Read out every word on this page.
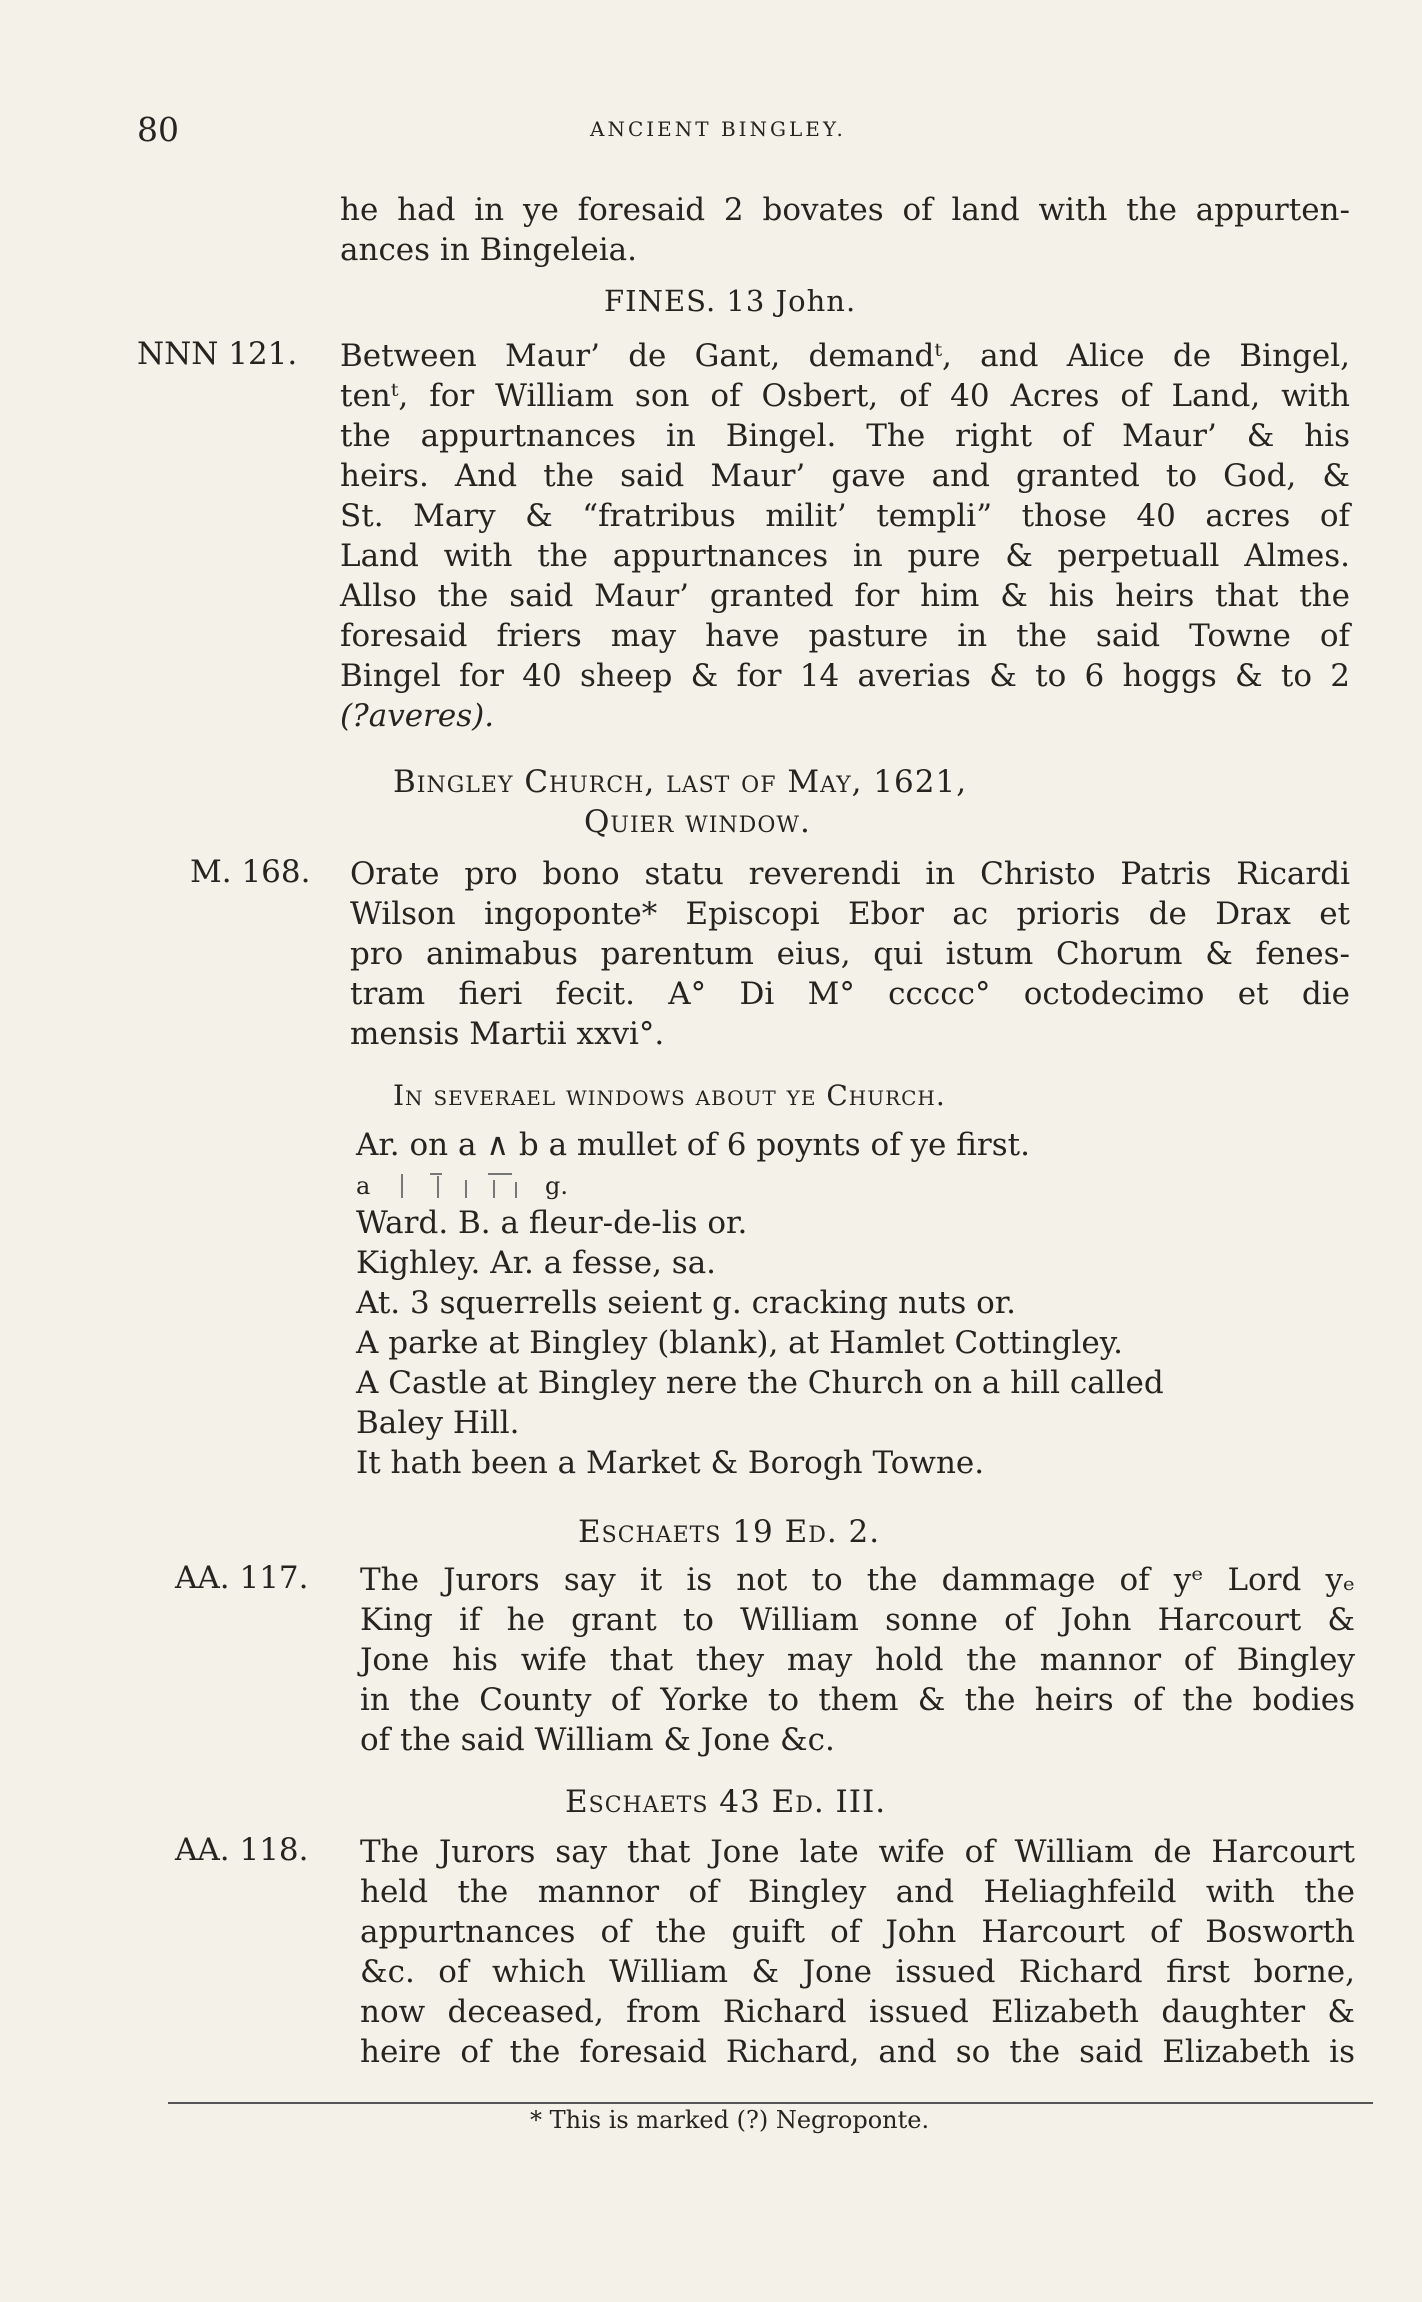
80	ANCIENT BINGLEY.
he had in ye foresaid 2 bovates of land with the appurten-
ances in Bingeleia.
FINES. 13 John.
NNN 121. Between Maur’ de Gant, demandᵗ, and Alice de Bingel,
tenᵗ, for William son of Osbert, of 40 Acres of Land, with
the appurtnances in Bingel. The right of Maur’ & his
heirs. And the said Maur’ gave and granted to God, &
St. Mary & “fratribus milit’ templi” those 40 acres of
Land with the appurtnances in pure & perpetuall Almes.
Allso the said Maur’ granted for him & his heirs that the
foresaid friers may have pasture in the said Towne of
Bingel for 40 sheep & for 14 averias & to 6 hoggs & to 2
(?averes).
Bingley Church, last of May, 1621,
Quier window.
M. 168. Orate pro bono statu reverendi in Christo Patris Ricardi
Wilson ingoponte* Episcopi Ebor ac prioris de Drax et
pro animabus parentum eius, qui istum Chorum & fenes-
tram fieri fecit. A° Di M° ccccc° octodecimo et die
mensis Martii xxvi°.
In severael windows about ye Church.
Ar. on a ∧ b a mullet of 6 poynts of ye first.
a	g.
Ward. B. a fleur-de-lis or.
Kighley. Ar. a fesse, sa.
At. 3 squerrells seient g. cracking nuts or.
A parke at Bingley (blank), at Hamlet Cottingley.
A Castle at Bingley nere the Church on a hill called
Baley Hill.
It hath been a Market & Borogh Towne.
Eschaets 19 Ed. 2.
AA. 117. The Jurors say it is not to the dammage of yᵉ Lord yₑ
King if he grant to William sonne of John Harcourt &
Jone his wife that they may hold the mannor of Bingley
in the County of Yorke to them & the heirs of the bodies
of the said William & Jone &c.
Eschaets 43 Ed. III.
AA. 118. The Jurors say that Jone late wife of William de Harcourt
held the mannor of Bingley and Heliaghfeild with the
appurtnances of the guift of John Harcourt of Bosworth
&c. of which William & Jone issued Richard first borne,
now deceased, from Richard issued Elizabeth daughter &
heire of the foresaid Richard, and so the said Elizabeth is
* This is marked (?) Negroponte.
